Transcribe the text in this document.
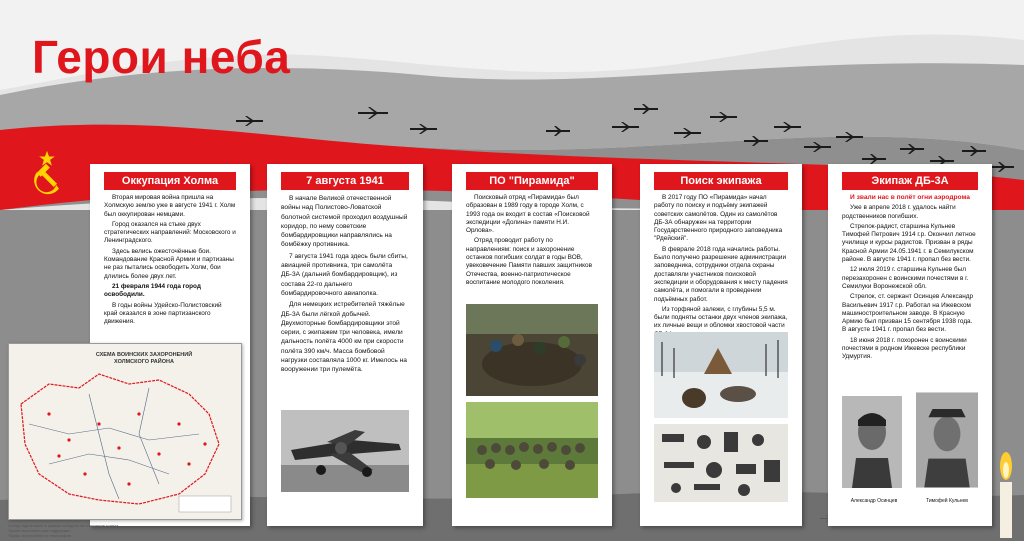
Герои неба
Оккупация Холма

Вторая мировая война пришла на Холмскую землю уже в августе 1941 г. Холм был оккупирован немцами.

Город оказался на стыке двух стратегических направлений: Московского и Ленинградского.

Здесь велись ожесточённые бои. Командование Красной Армии и партизаны не раз пытались освободить Холм, бои длились более двух лет.

21 февраля 1944 года город освободили.

В годы войны Удейско-Полистовский край оказался в зоне партизанского движения.

7 августа 1941

В начале Великой отечественной войны над Полистово-Ловатской болотной системой проходил воздушный коридор, по нему советские бомбардировщики направлялись на бомбёжку противника.

7 августа 1941 года здесь были сбиты, авиацией противника, три самолёта ДБ-3А (дальний бомбардировщик), из состава 22-го дальнего бомбардировочного авиаполка.

Для немецких истребителей тяжёлые ДБ-3А были лёгкой добычей. Двухмоторные бомбардировщики этой серии, с экипажем три человека, имели дальность полёта 4000 км при скорости полёта 390 км/ч. Масса бомбовой нагрузки составляла 1000 кг. Имелось на вооружении три пулемёта.

ПО "Пирамида"

Поисковый отряд «Пирамида» был образован в 1989 году в городе Холм, с 1993 года он входит в состав «Поисковой экспедиции «Долина» памяти Н.И. Орлова».

Отряд проводит работу по направлениям: поиск и захоронение останков погибших солдат в годы ВОВ, увековечение Памяти павших защитников Отечества, военно-патриотическое воспитание молодого поколения.

Поиск экипажа

В 2017 году ПО «Пирамида» начал работу по поиску и подъёму экипажей советских самолётов. Один из самолётов ДБ-3А обнаружен на территории Государственного природного заповедника "Рдейский".

В феврале 2018 года начались работы. Было получено разрешение администрации заповедника, сотрудники отдела охраны доставляли участников поисковой экспедиции и оборудования к месту падения самолёта, и помогали в проведении подъёмных работ.

Из торфяной залежи, с глубины 5,5 м. были подняты останки двух членов экипажа, их личные вещи и обломки хвостовой части

Экипаж ДБ-3А

И звали нас в полёт огни аэродрома

Уже в апреле 2018 г. удалось найти родственников погибших.

Стрелок-радист, старшина Кульнев Тимофей Петрович 1914 г.р. Окончил летное училище и курсы радистов. Призван в ряды Красной Армии 24.05.1941 г. в Семилукском районе. В августе 1941 г. пропал без вести.

12 июля 2019 г. старшина Кульнев был перезахоронен с воинскими почестями в г. Семилуки Воронежской обл.

Стрелок, ст. сержант Осинцев Александр Васильевич 1917 г.р. Работал на Ижевском машиностроительном заводе. В Красную Армию был призван 15 сентября 1938 года. В августе 1941 г. пропал без вести.

18 июня 2018 г. похоронен с воинскими почестями в родном Ижевске республики Удмуртия.

Александр Осинцев	Тимофей Кульнев
СХЕМА ВОИНСКИХ ЗАХОРОНЕНИЙ ХОЛМСКОГО РАЙОНА
Стенд подготовлен в рамках конкурса на получение гранта...
Проект выполнен при поддержке...
Тираж, изготовлено в типографии...
